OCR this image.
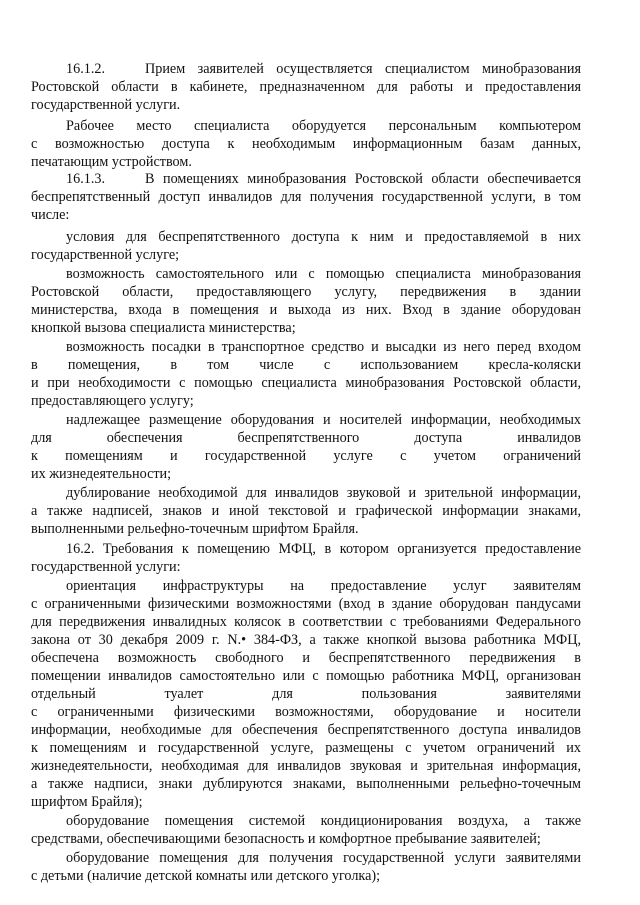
16.1.2.	Прием заявителей осуществляется специалистом минобразования
Ростовской области в кабинете, предназначенном для работы и предоставления
государственной услуги.
Рабочее место специалиста оборудуется персональным компьютером
с возможностью доступа к необходимым информационным базам данных,
печатающим устройством.
16.1.3.	В помещениях минобразования Ростовской области обеспечивается
беспрепятственный доступ инвалидов для получения государственной услуги, в том
числе:
условия для беспрепятственного доступа к ним и предоставляемой в них
государственной услуге;
возможность самостоятельного или с помощью специалиста минобразования
Ростовской области, предоставляющего услугу, передвижения в здании
министерства, входа в помещения и выхода из них. Вход в здание оборудован
кнопкой вызова специалиста министерства;
возможность посадки в транспортное средство и высадки из него перед входом
в помещения, в том числе с использованием кресла-коляски
и при необходимости с помощью специалиста минобразования Ростовской области,
предоставляющего услугу;
надлежащее размещение оборудования и носителей информации, необходимых
для обеспечения беспрепятственного доступа инвалидов
к помещениям и государственной услуге с учетом ограничений
их жизнедеятельности;
дублирование необходимой для инвалидов звуковой и зрительной информации,
а также надписей, знаков и иной текстовой и графической информации знаками,
выполненными рельефно-точечным шрифтом Брайля.
16.2. Требования к помещению МФЦ, в котором организуется предоставление
государственной услуги:
ориентация инфраструктуры на предоставление услуг заявителям
с ограниченными физическими возможностями (вход в здание оборудован пандусами
для передвижения инвалидных колясок в соответствии с требованиями Федерального
закона от 30 декабря 2009 г. N.• 384-ФЗ, а также кнопкой вызова работника МФЦ,
обеспечена возможность свободного и беспрепятственного передвижения в
помещении инвалидов самостоятельно или с помощью работника МФЦ, организован
отдельный туалет для пользования заявителями
с ограниченными физическими возможностями, оборудование и носители
информации, необходимые для обеспечения беспрепятственного доступа инвалидов
к помещениям и государственной услуге, размещены с учетом ограничений их
жизнедеятельности, необходимая для инвалидов звуковая и зрительная информация,
а также надписи, знаки дублируются знаками, выполненными рельефно-точечным
шрифтом Брайля);
оборудование помещения системой кондиционирования воздуха, а также
средствами, обеспечивающими безопасность и комфортное пребывание заявителей;
оборудование помещения для получения государственной услуги заявителями
с детьми (наличие детской комнаты или детского уголка);
